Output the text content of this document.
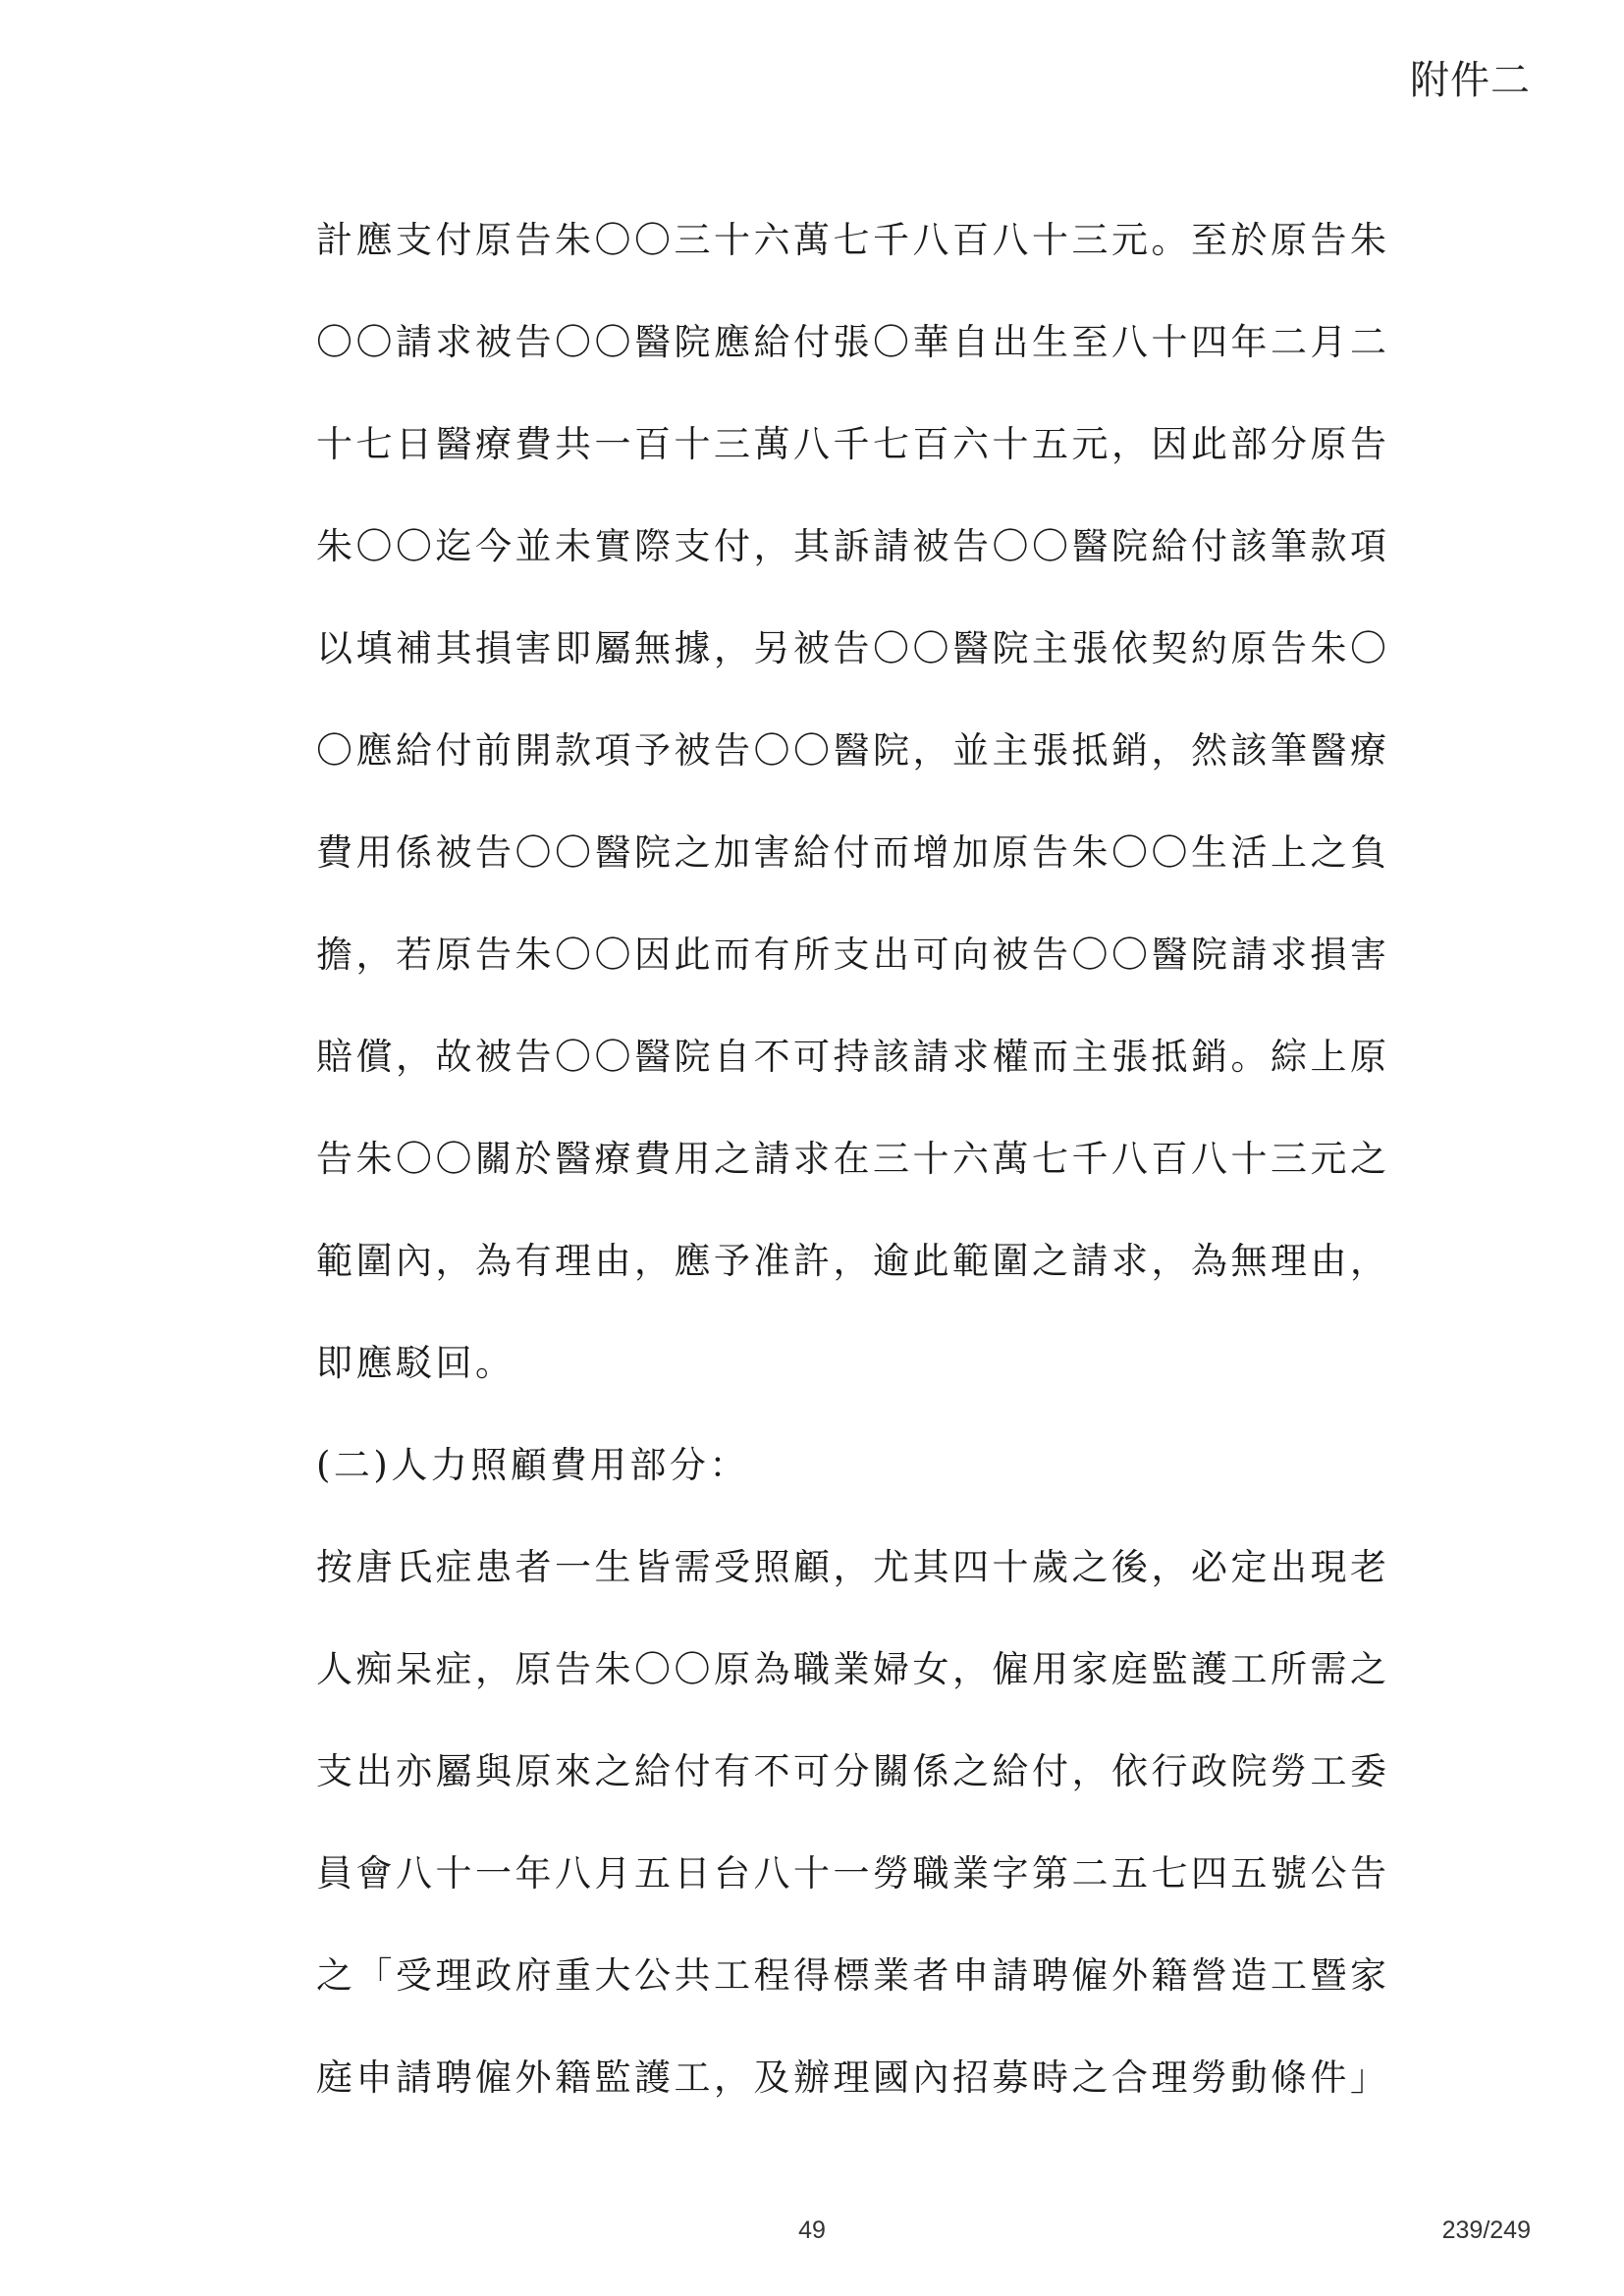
附件二
計應支付原告朱〇〇三十六萬七千八百八十三元。至於原告朱
〇〇請求被告〇〇醫院應給付張〇華自出生至八十四年二月二
十七日醫療費共一百十三萬八千七百六十五元，因此部分原告
朱〇〇迄今並未實際支付，其訴請被告〇〇醫院給付該筆款項
以填補其損害即屬無據，另被告〇〇醫院主張依契約原告朱〇
〇應給付前開款項予被告〇〇醫院，並主張抵銷，然該筆醫療
費用係被告〇〇醫院之加害給付而增加原告朱〇〇生活上之負
擔，若原告朱〇〇因此而有所支出可向被告〇〇醫院請求損害
賠償，故被告〇〇醫院自不可持該請求權而主張抵銷。綜上原
告朱〇〇關於醫療費用之請求在三十六萬七千八百八十三元之
範圍內，為有理由，應予准許，逾此範圍之請求，為無理由，
即應駁回。
(二)人力照顧費用部分：
按唐氏症患者一生皆需受照顧，尤其四十歲之後，必定出現老
人痴呆症，原告朱〇〇原為職業婦女，僱用家庭監護工所需之
支出亦屬與原來之給付有不可分關係之給付，依行政院勞工委
員會八十一年八月五日台八十一勞職業字第二五七四五號公告
之「受理政府重大公共工程得標業者申請聘僱外籍營造工暨家
庭申請聘僱外籍監護工，及辦理國內招募時之合理勞動條件」
49	239/249
